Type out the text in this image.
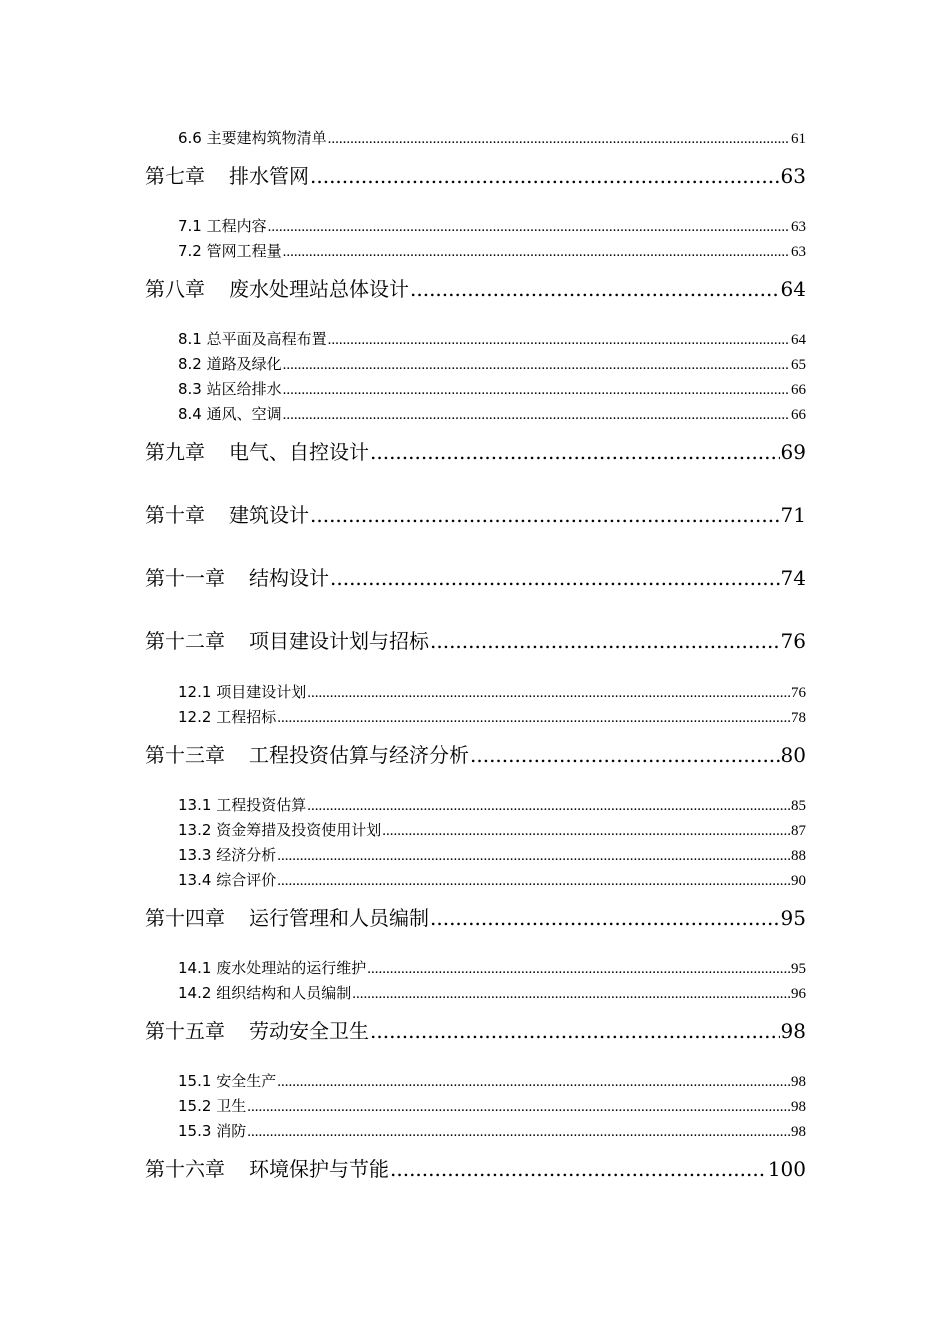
6.6 主要建构筑物清单 .....	61
第七章 排水管网 .....	63
7.1 工程内容 .....	63
7.2 管网工程量 .....	63
第八章 废水处理站总体设计 .....	64
8.1 总平面及高程布置 .....	64
8.2 道路及绿化 .....	65
8.3 站区给排水 .....	66
8.4 通风、空调 .....	66
第九章 电气、自控设计 .....	69
第十章 建筑设计 .....	71
第十一章 结构设计 .....	74
第十二章 项目建设计划与招标 .....	76
12.1 项目建设计划 .....	76
12.2 工程招标 .....	78
第十三章 工程投资估算与经济分析 .....	80
13.1 工程投资估算 .....	85
13.2 资金筹措及投资使用计划 .....	87
13.3 经济分析 .....	88
13.4 综合评价 .....	90
第十四章 运行管理和人员编制 .....	95
14.1 废水处理站的运行维护 .....	95
14.2 组织结构和人员编制 .....	96
第十五章 劳动安全卫生 .....	98
15.1 安全生产 .....	98
15.2 卫生 .....	98
15.3 消防 .....	98
第十六章 环境保护与节能 .....	100
